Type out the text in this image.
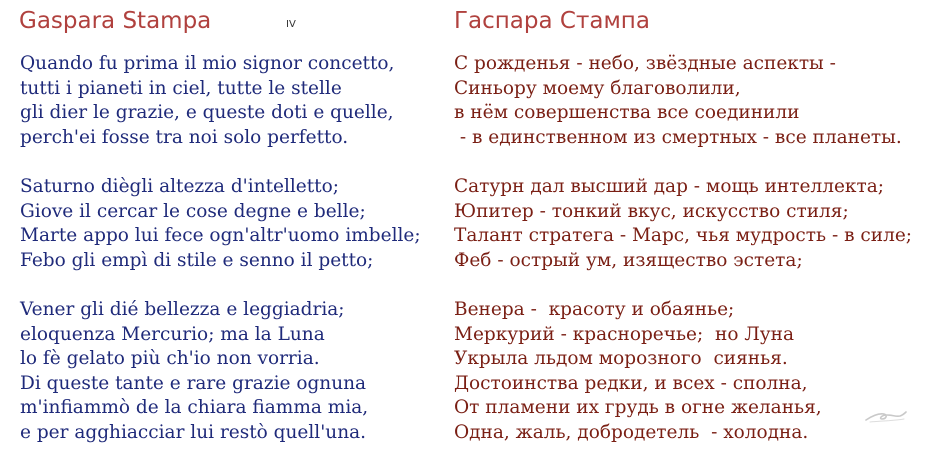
Gaspara Stampa	IV	Гаспара Стампа
Quando fu prima il mio signor concetto,
tutti i pianeti in ciel, tutte le stelle
gli dier le grazie, e queste doti e quelle,
perch'ei fosse tra noi solo perfetto.
Saturno diègli altezza d'intelletto;
Giove il cercar le cose degne e belle;
Marte appo lui fece ogn'altr'uomo imbelle;
Febo gli empì di stile e senno il petto;
Vener gli dié bellezza e leggiadria;
eloquenza Mercurio; ma la Luna
lo fè gelato più ch'io non vorria.
Di queste tante e rare grazie ognuna
m'infiammò de la chiara fiamma mia,
e per agghiacciar lui restò quell'una.
С рожденья - небо, звёздные аспекты -
Синьору моему благоволили,
в нём совершенства все соединили
- в единственном из смертных - все планеты.
Сатурн дал высший дар - мощь интеллекта;
Юпитер - тонкий вкус, искусство стиля;
Талант стратега - Марс, чья мудрость - в силе;
Феб - острый ум, изящество эстета;
Венера -  красоту и обаянье;
Меркурий - красноречье;  но Луна
Укрыла льдом морозного  сиянья.
Достоинства редки, и всех - сполна,
От пламени их грудь в огне желанья,
Одна, жаль, добродетель  - холодна.
